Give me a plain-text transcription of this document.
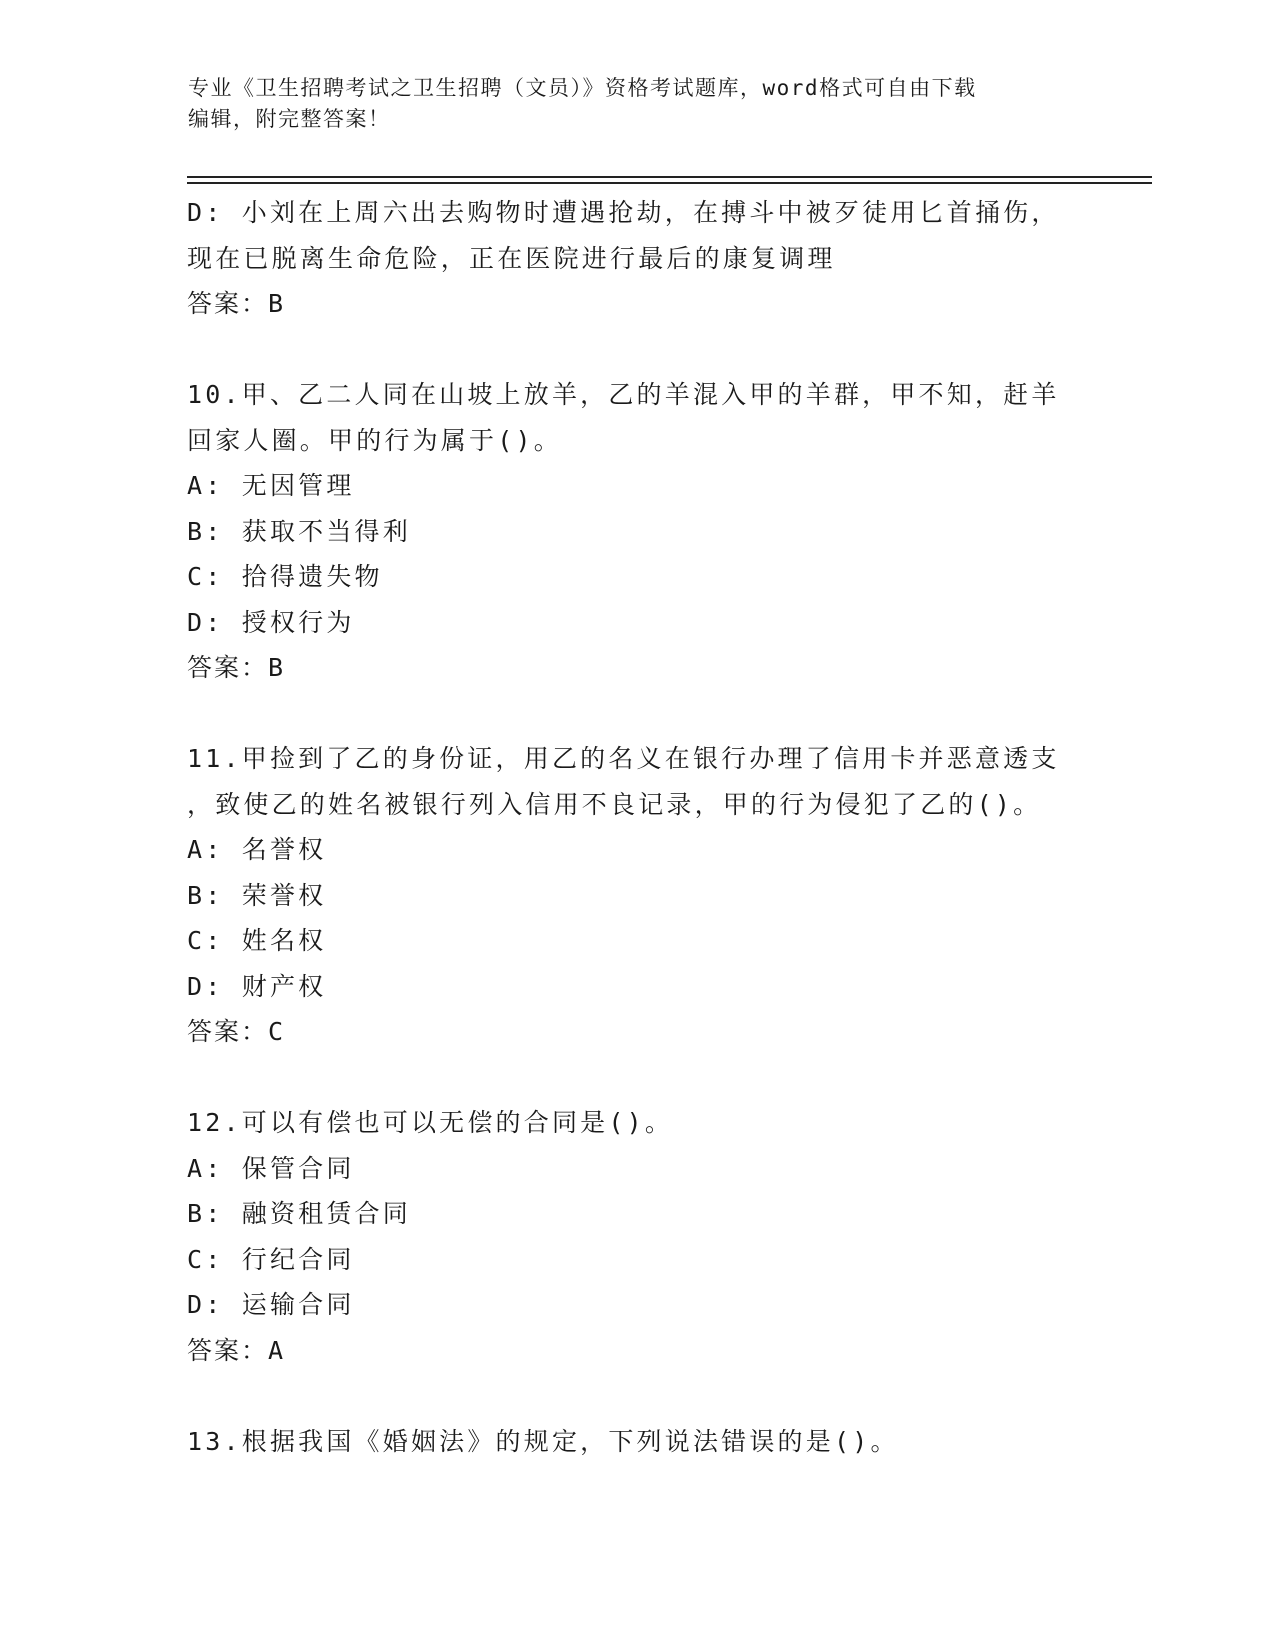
专业《卫生招聘考试之卫生招聘（文员）》资格考试题库，word格式可自由下载
编辑，附完整答案！
D: 小刘在上周六出去购物时遭遇抢劫，在搏斗中被歹徒用匕首捅伤，
现在已脱离生命危险，正在医院进行最后的康复调理
答案：B
10.甲、乙二人同在山坡上放羊，乙的羊混入甲的羊群，甲不知，赶羊
回家人圈。甲的行为属于()。
A: 无因管理
B: 获取不当得利
C: 拾得遗失物
D: 授权行为
答案：B
11.甲捡到了乙的身份证，用乙的名义在银行办理了信用卡并恶意透支
，致使乙的姓名被银行列入信用不良记录，甲的行为侵犯了乙的()。
A: 名誉权
B: 荣誉权
C: 姓名权
D: 财产权
答案：C
12.可以有偿也可以无偿的合同是()。
A: 保管合同
B: 融资租赁合同
C: 行纪合同
D: 运输合同
答案：A
13.根据我国《婚姻法》的规定，下列说法错误的是()。
